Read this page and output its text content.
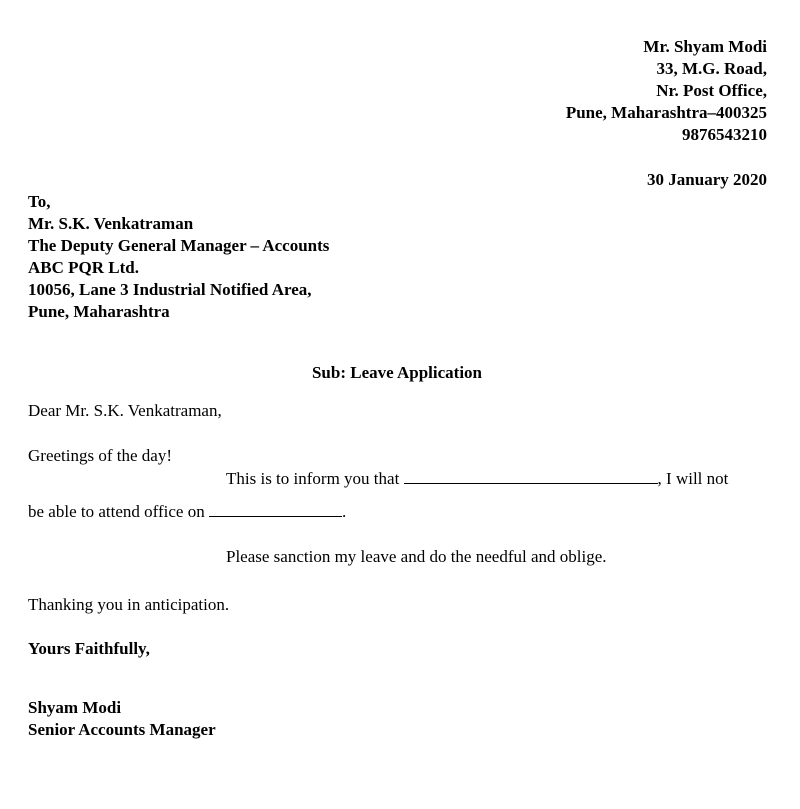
Mr. Shyam Modi
33, M.G. Road,
Nr. Post Office,
Pune, Maharashtra–400325
9876543210
30 January 2020
To,
Mr. S.K. Venkatraman
The Deputy General Manager – Accounts
ABC PQR Ltd.
10056, Lane 3 Industrial Notified Area,
Pune, Maharashtra
Sub: Leave Application
Dear Mr. S.K. Venkatraman,
Greetings of the day!
This is to inform you that	, I will not
be able to attend office on	.
Please sanction my leave and do the needful and oblige.
Thanking you in anticipation.
Yours Faithfully,
Shyam Modi
Senior Accounts Manager
